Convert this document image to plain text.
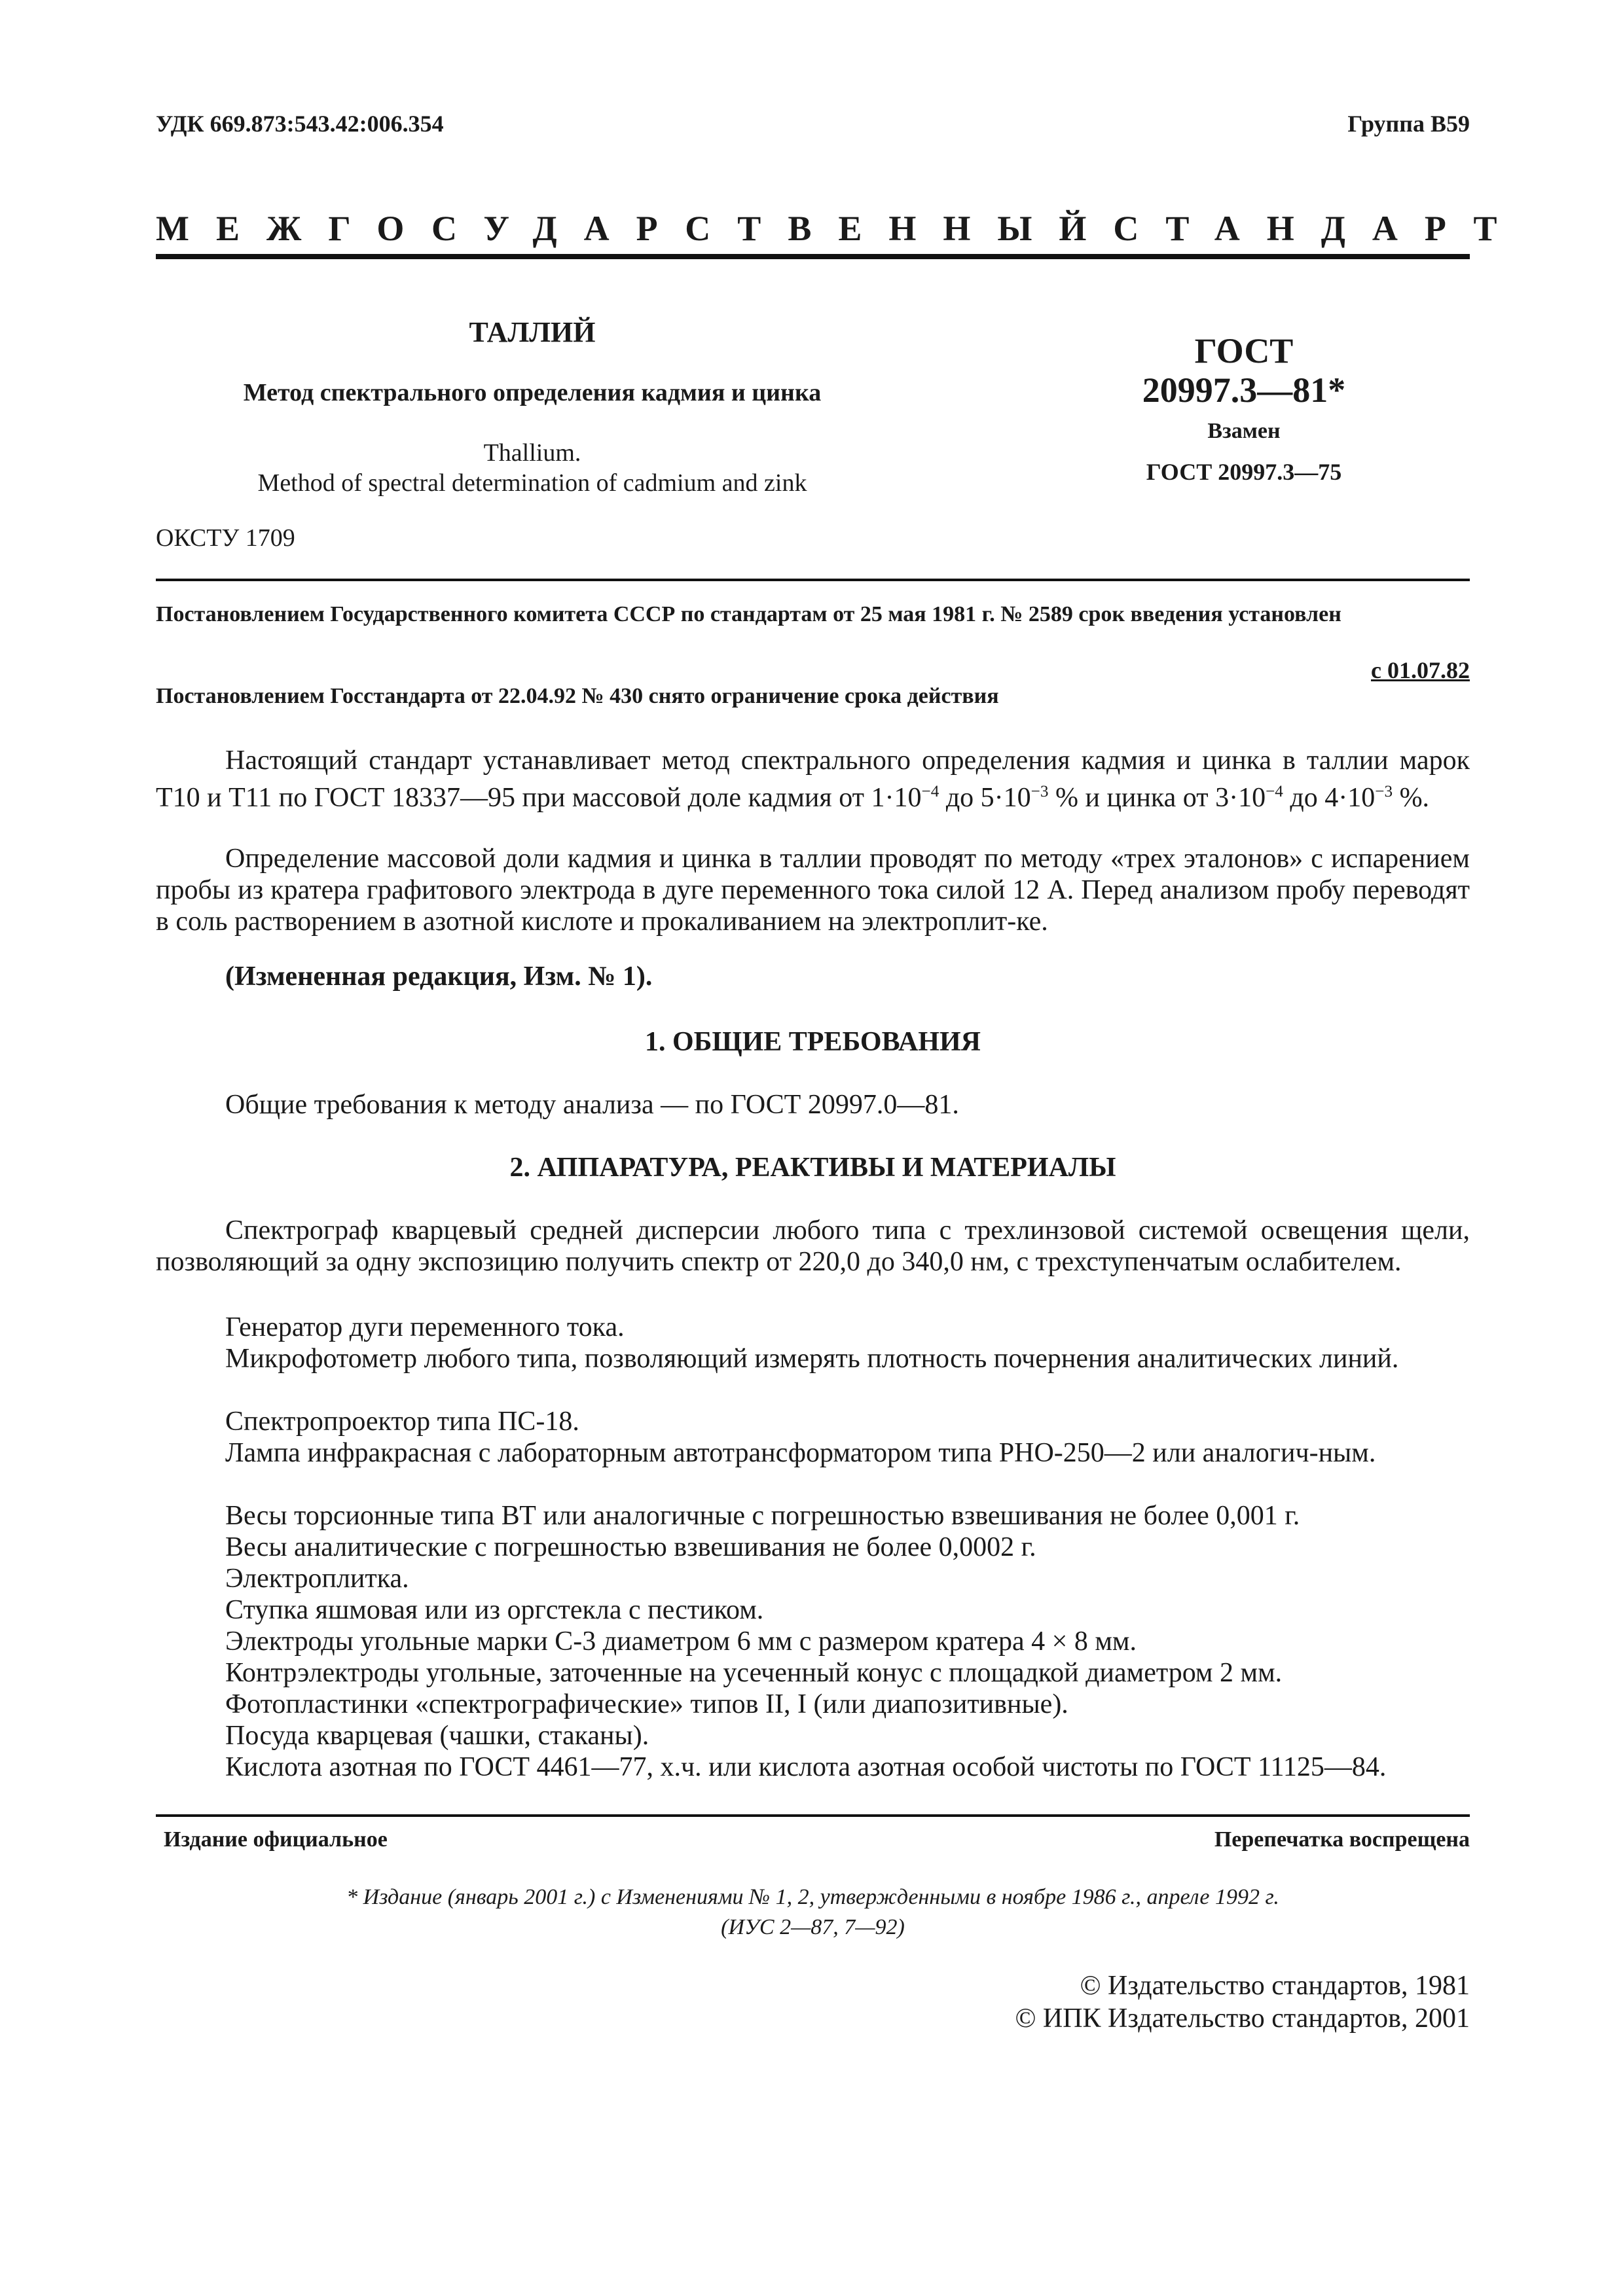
УДК 669.873:543.42:006.354	Группа В59
МЕЖГОСУДАРСТВЕННЫЙ СТАНДАРТ
ТАЛЛИЙ
Метод спектрального определения кадмия и цинка
Thallium.
Method of spectral determination of cadmium and zink
ГОСТ
20997.3—81*
Взамен
ГОСТ 20997.3—75
ОКСТУ 1709
Постановлением Государственного комитета СССР по стандартам от 25 мая 1981 г. № 2589 срок введения установлен
с 01.07.82
Постановлением Госстандарта от 22.04.92 № 430 снято ограничение срока действия
Настоящий стандарт устанавливает метод спектрального определения кадмия и цинка в таллии марок Т10 и Т11 по ГОСТ 18337—95 при массовой доле кадмия от $1\cdot 10^{-4}$ до $5\cdot 10^{-3}$ % и цинка от $3\cdot 10^{-4}$ до $4\cdot 10^{-3}$ %.
Определение массовой доли кадмия и цинка в таллии проводят по методу «трех эталонов» с испарением пробы из кратера графитового электрода в дуге переменного тока силой 12 А. Перед анализом пробу переводят в соль растворением в азотной кислоте и прокаливанием на электроплит-ке.
(Измененная редакция, Изм. № 1).
1. ОБЩИЕ ТРЕБОВАНИЯ
Общие требования к методу анализа — по ГОСТ 20997.0—81.
2. АППАРАТУРА, РЕАКТИВЫ И МАТЕРИАЛЫ
Спектрограф кварцевый средней дисперсии любого типа с трехлинзовой системой освещения щели, позволяющий за одну экспозицию получить спектр от 220,0 до 340,0 нм, с трехступенчатым ослабителем.
Генератор дуги переменного тока.
Микрофотометр любого типа, позволяющий измерять плотность почернения аналитических линий.
Спектропроектор типа ПС-18.
Лампа инфракрасная с лабораторным автотрансформатором типа РНО-250—2 или аналогич-ным.
Весы торсионные типа ВТ или аналогичные с погрешностью взвешивания не более 0,001 г.
Весы аналитические с погрешностью взвешивания не более 0,0002 г.
Электроплитка.
Ступка яшмовая или из оргстекла с пестиком.
Электроды угольные марки С-3 диаметром 6 мм с размером кратера 4 × 8 мм.
Контрэлектроды угольные, заточенные на усеченный конус с площадкой диаметром 2 мм.
Фотопластинки «спектрографические» типов II, I (или диапозитивные).
Посуда кварцевая (чашки, стаканы).
Кислота азотная по ГОСТ 4461—77, х.ч. или кислота азотная особой чистоты по ГОСТ 11125—84.
Издание официальное	Перепечатка воспрещена
* Издание (январь 2001 г.) с Изменениями № 1, 2, утвержденными в ноябре 1986 г., апреле 1992 г.
(ИУС 2—87, 7—92)
© Издательство стандартов, 1981
© ИПК Издательство стандартов, 2001
